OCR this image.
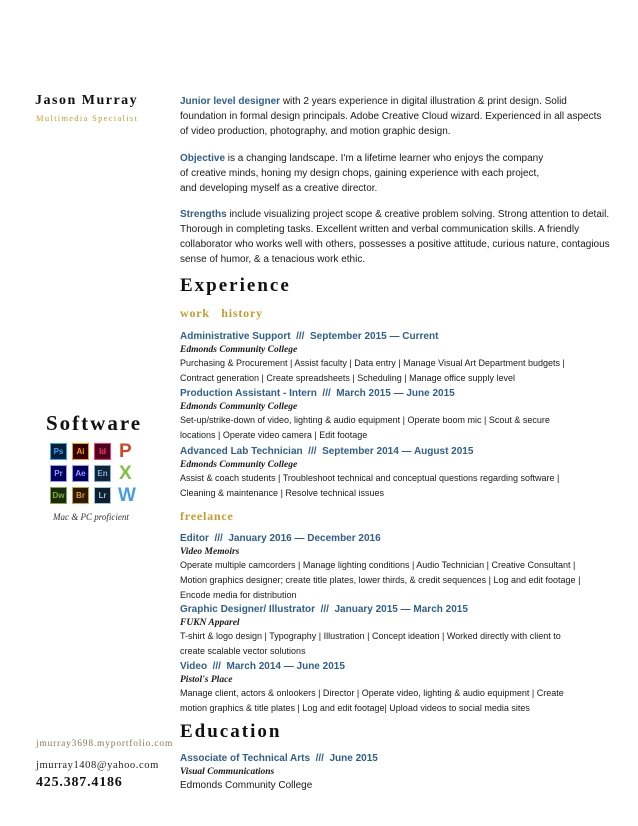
Jason Murray
Multimedia Specialist
Software
Ps	Ai	Id
Pr	Ae	En
Dw	Br	Lr
P
X
W
Mac & PC proficient
jmurray3698.myportfolio.com
jmurray1408@yahoo.com
425.387.4186

Junior level designer with 2 years experience in digital illustration & print design. Solid foundation in formal design principals. Adobe Creative Cloud wizard. Experienced in all aspects of video production, photography, and motion graphic design.

Objective is a changing landscape. I'm a lifetime learner who enjoys the company
of creative minds, honing my design chops, gaining experience with each project,
and developing myself as a creative director.

Strengths include visualizing project scope & creative problem solving. Strong attention to detail. Thorough in completing tasks. Excellent written and verbal communication skills. A friendly collaborator who works well with others, possesses a positive attitude, curious nature, contagious sense of humor, & a tenacious work ethic.

Experience
work   history
Administrative Support  ///  September 2015 — Current
Edmonds Community College
Purchasing & Procurement | Assist faculty | Data entry | Manage Visual Art Department budgets |
Contract generation | Create spreadsheets | Scheduling | Manage office supply level
Production Assistant - Intern  ///  March 2015 — June 2015
Edmonds Community College
Set-up/strike-down of video, lighting & audio equipment | Operate boom mic | Scout & secure
locations | Operate video camera | Edit footage
Advanced Lab Technician  ///  September 2014 — August 2015
Edmonds Community College
Assist & coach students | Troubleshoot technical and conceptual questions regarding software |
Cleaning & maintenance | Resolve technical issues
freelance
Editor  ///  January 2016 — December 2016
Video Memoirs
Operate multiple camcorders | Manage lighting conditions | Audio Technician | Creative Consultant |
Motion graphics designer; create title plates, lower thirds, & credit sequences | Log and edit footage |
Encode media for distribution
Graphic Designer/ Illustrator  ///  January 2015 — March 2015
FUKN Apparel
T-shirt & logo design | Typography | Illustration | Concept ideation | Worked directly with client to
create scalable vector solutions
Video  ///  March 2014 — June 2015
Pistol's Place
Manage client, actors & onlookers | Director | Operate video, lighting & audio equipment | Create
motion graphics & title plates | Log and edit footage| Upload videos to social media sites
Education
Associate of Technical Arts  ///  June 2015
Visual Communications
Edmonds Community College
